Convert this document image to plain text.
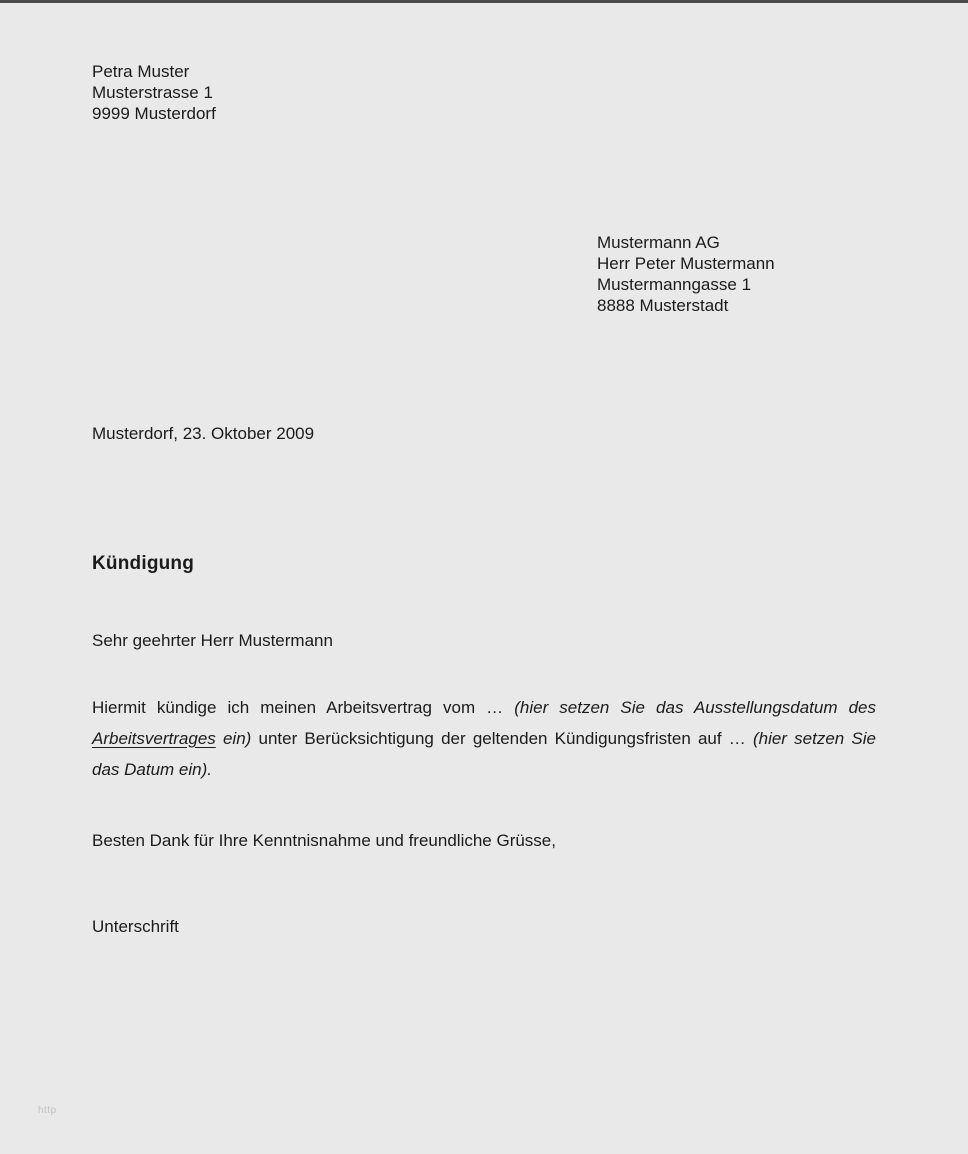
Petra Muster
Musterstrasse 1
9999 Musterdorf
Mustermann AG
Herr Peter Mustermann
Mustermanngasse 1
8888 Musterstadt
Musterdorf, 23. Oktober 2009
Kündigung
Sehr geehrter Herr Mustermann
Hiermit kündige ich meinen Arbeitsvertrag vom … (hier setzen Sie das Ausstellungsdatum des Arbeitsvertrages ein) unter Berücksichtigung der geltenden Kündigungsfristen auf … (hier setzen Sie das Datum ein).
Besten Dank für Ihre Kenntnisnahme und freundliche Grüsse,
Unterschrift
http
